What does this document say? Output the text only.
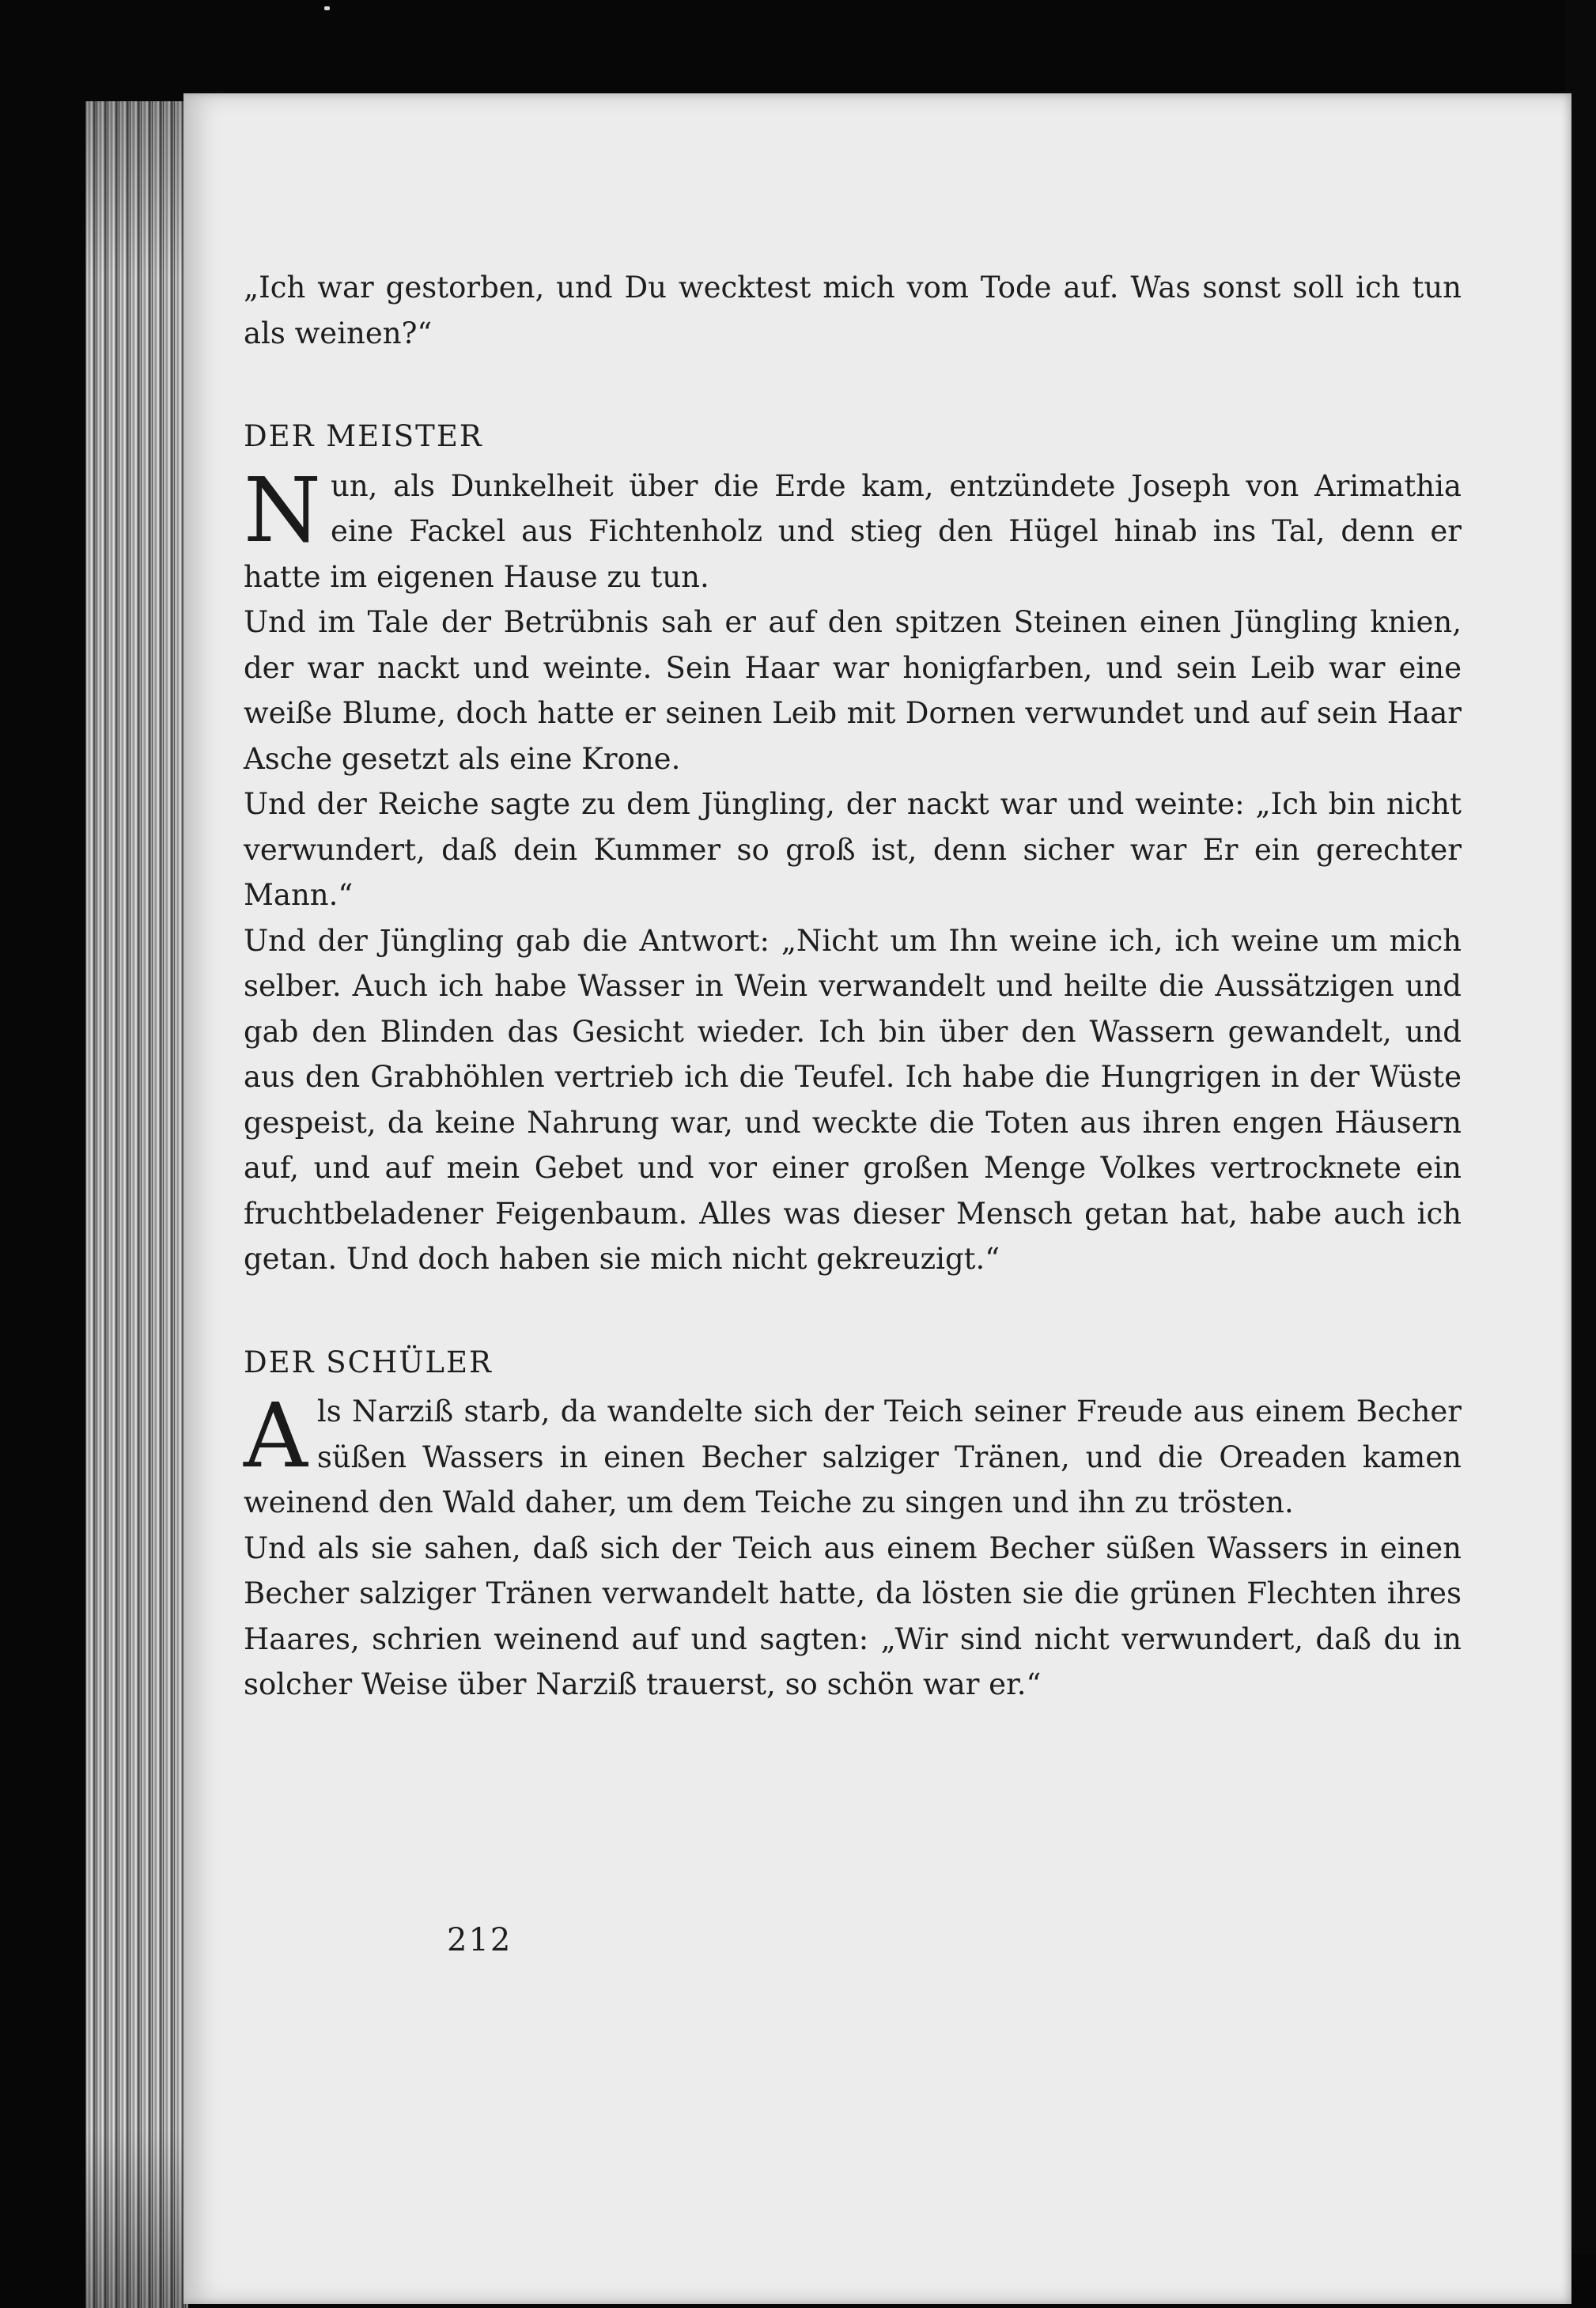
„Ich war gestorben, und Du wecktest mich vom Tode auf. Was sonst soll ich tun als weinen?“

DER MEISTER

Nun, als Dunkelheit über die Erde kam, entzündete Joseph von Arimathia eine Fackel aus Fichtenholz und stieg den Hügel hinab ins Tal, denn er hatte im eigenen Hause zu tun.

Und im Tale der Betrübnis sah er auf den spitzen Steinen einen Jüngling knien, der war nackt und weinte. Sein Haar war honigfarben, und sein Leib war eine weiße Blume, doch hatte er seinen Leib mit Dornen verwundet und auf sein Haar Asche gesetzt als eine Krone.

Und der Reiche sagte zu dem Jüngling, der nackt war und weinte: „Ich bin nicht verwundert, daß dein Kummer so groß ist, denn sicher war Er ein gerechter Mann.“

Und der Jüngling gab die Antwort: „Nicht um Ihn weine ich, ich weine um mich selber. Auch ich habe Wasser in Wein verwandelt und heilte die Aussätzigen und gab den Blinden das Gesicht wieder. Ich bin über den Wassern gewandelt, und aus den Grabhöhlen vertrieb ich die Teufel. Ich habe die Hungrigen in der Wüste gespeist, da keine Nahrung war, und weckte die Toten aus ihren engen Häusern auf, und auf mein Gebet und vor einer großen Menge Volkes vertrocknete ein fruchtbeladener Feigenbaum. Alles was dieser Mensch getan hat, habe auch ich getan. Und doch haben sie mich nicht gekreuzigt.“

DER SCHÜLER

Als Narziß starb, da wandelte sich der Teich seiner Freude aus einem Becher süßen Wassers in einen Becher salziger Tränen, und die Oreaden kamen weinend den Wald daher, um dem Teiche zu singen und ihn zu trösten.

Und als sie sahen, daß sich der Teich aus einem Becher süßen Wassers in einen Becher salziger Tränen verwandelt hatte, da lösten sie die grünen Flechten ihres Haares, schrien weinend auf und sagten: „Wir sind nicht verwundert, daß du in solcher Weise über Narziß trauerst, so schön war er.“

212
